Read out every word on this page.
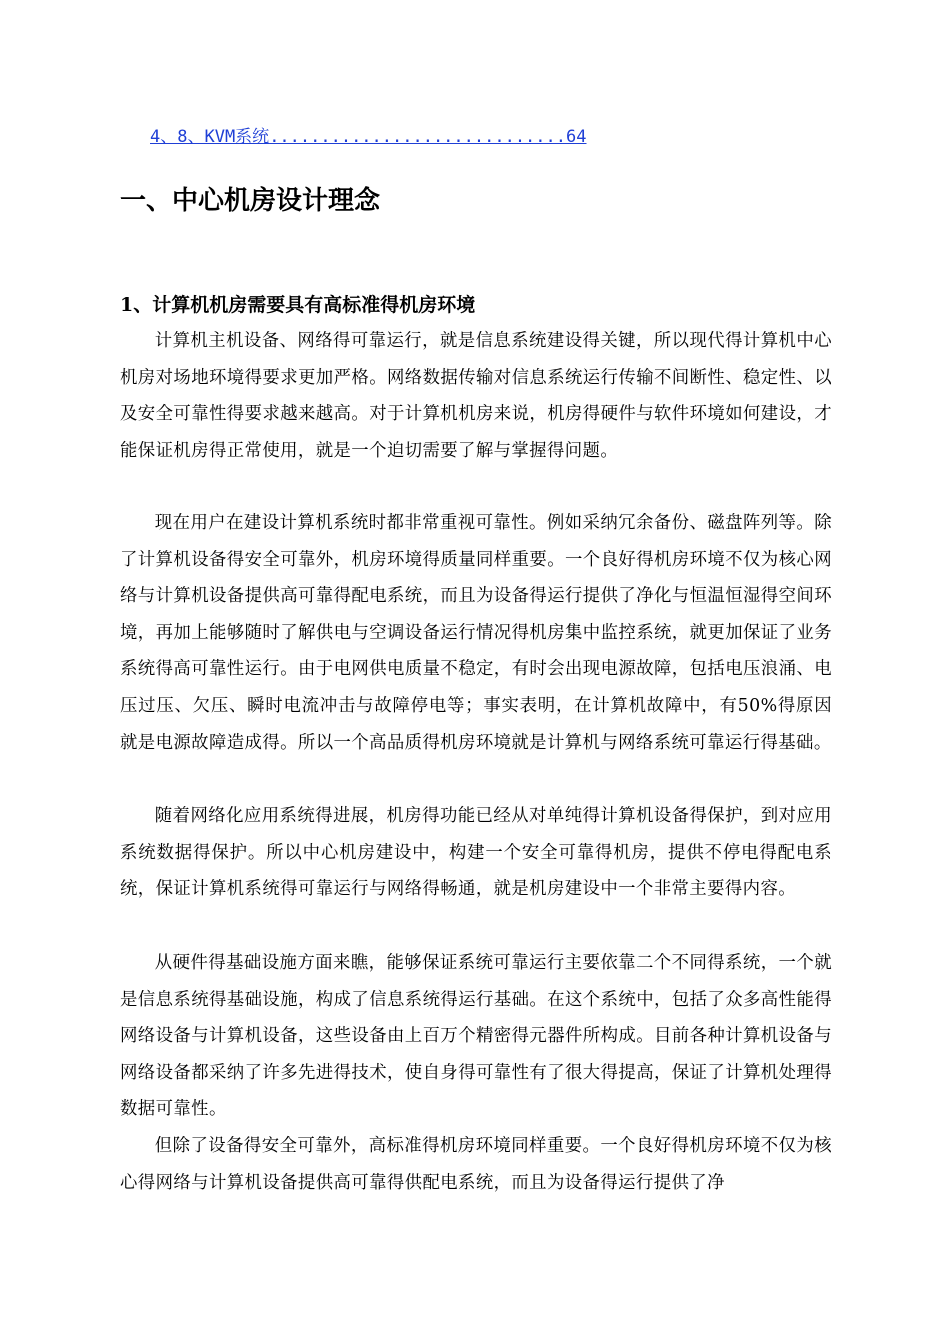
4、8、KVM系统.............................64
一、中心机房设计理念
1、计算机机房需要具有高标准得机房环境

计算机主机设备、网络得可靠运行，就是信息系统建设得关键，所以现代得计算机中心机房对场地环境得要求更加严格。网络数据传输对信息系统运行传输不间断性、稳定性、以及安全可靠性得要求越来越高。对于计算机机房来说，机房得硬件与软件环境如何建设，才能保证机房得正常使用，就是一个迫切需要了解与掌握得问题。

现在用户在建设计算机系统时都非常重视可靠性。例如采纳冗余备份、磁盘阵列等。除了计算机设备得安全可靠外，机房环境得质量同样重要。一个良好得机房环境不仅为核心网络与计算机设备提供高可靠得配电系统，而且为设备得运行提供了净化与恒温恒湿得空间环境，再加上能够随时了解供电与空调设备运行情况得机房集中监控系统，就更加保证了业务系统得高可靠性运行。由于电网供电质量不稳定，有时会出现电源故障，包括电压浪涌、电压过压、欠压、瞬时电流冲击与故障停电等；事实表明，在计算机故障中，有50%得原因就是电源故障造成得。所以一个高品质得机房环境就是计算机与网络系统可靠运行得基础。

随着网络化应用系统得进展，机房得功能已经从对单纯得计算机设备得保护，到对应用系统数据得保护。所以中心机房建设中，构建一个安全可靠得机房，提供不停电得配电系统，保证计算机系统得可靠运行与网络得畅通，就是机房建设中一个非常主要得内容。

从硬件得基础设施方面来瞧，能够保证系统可靠运行主要依靠二个不同得系统，一个就是信息系统得基础设施，构成了信息系统得运行基础。在这个系统中，包括了众多高性能得网络设备与计算机设备，这些设备由上百万个精密得元器件所构成。目前各种计算机设备与网络设备都采纳了许多先进得技术，使自身得可靠性有了很大得提高，保证了计算机处理得数据可靠性。

但除了设备得安全可靠外，高标准得机房环境同样重要。一个良好得机房环境不仅为核心得网络与计算机设备提供高可靠得供配电系统，而且为设备得运行提供了净
